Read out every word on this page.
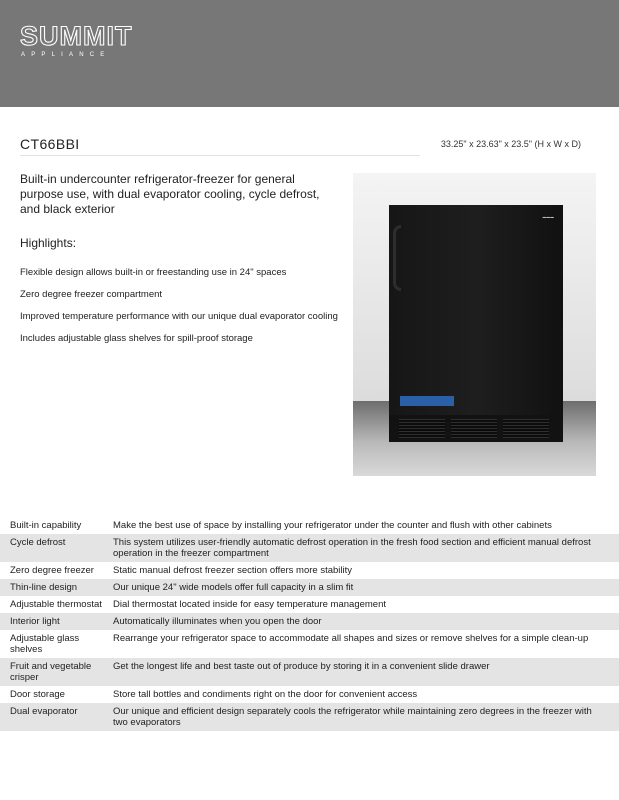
SUMMIT
APPLIANCE
CT66BBI	33.25" x 23.63" x 23.5" (H x W x D)
Built-in undercounter refrigerator-freezer for general purpose use, with dual evaporator cooling, cycle defrost, and black exterior
Highlights:
Flexible design allows built-in or freestanding use in 24" spaces
Zero degree freezer compartment
Improved temperature performance with our unique dual evaporator cooling
Includes adjustable glass shelves for spill-proof storage
▬▬▬
Built-in capability	Make the best use of space by installing your refrigerator under the counter and flush with other cabinets
Cycle defrost	This system utilizes user-friendly automatic defrost operation in the fresh food section and efficient manual defrost operation in the freezer compartment
Zero degree freezer	Static manual defrost freezer section offers more stability
Thin-line design	Our unique 24" wide models offer full capacity in a slim fit
Adjustable thermostat	Dial thermostat located inside for easy temperature management
Interior light	Automatically illuminates when you open the door
Adjustable glass shelves	Rearrange your refrigerator space to accommodate all shapes and sizes or remove shelves for a simple clean-up
Fruit and vegetable crisper	Get the longest life and best taste out of produce by storing it in a convenient slide drawer
Door storage	Store tall bottles and condiments right on the door for convenient access
Dual evaporator	Our unique and efficient design separately cools the refrigerator while maintaining zero degrees in the freezer with two evaporators
